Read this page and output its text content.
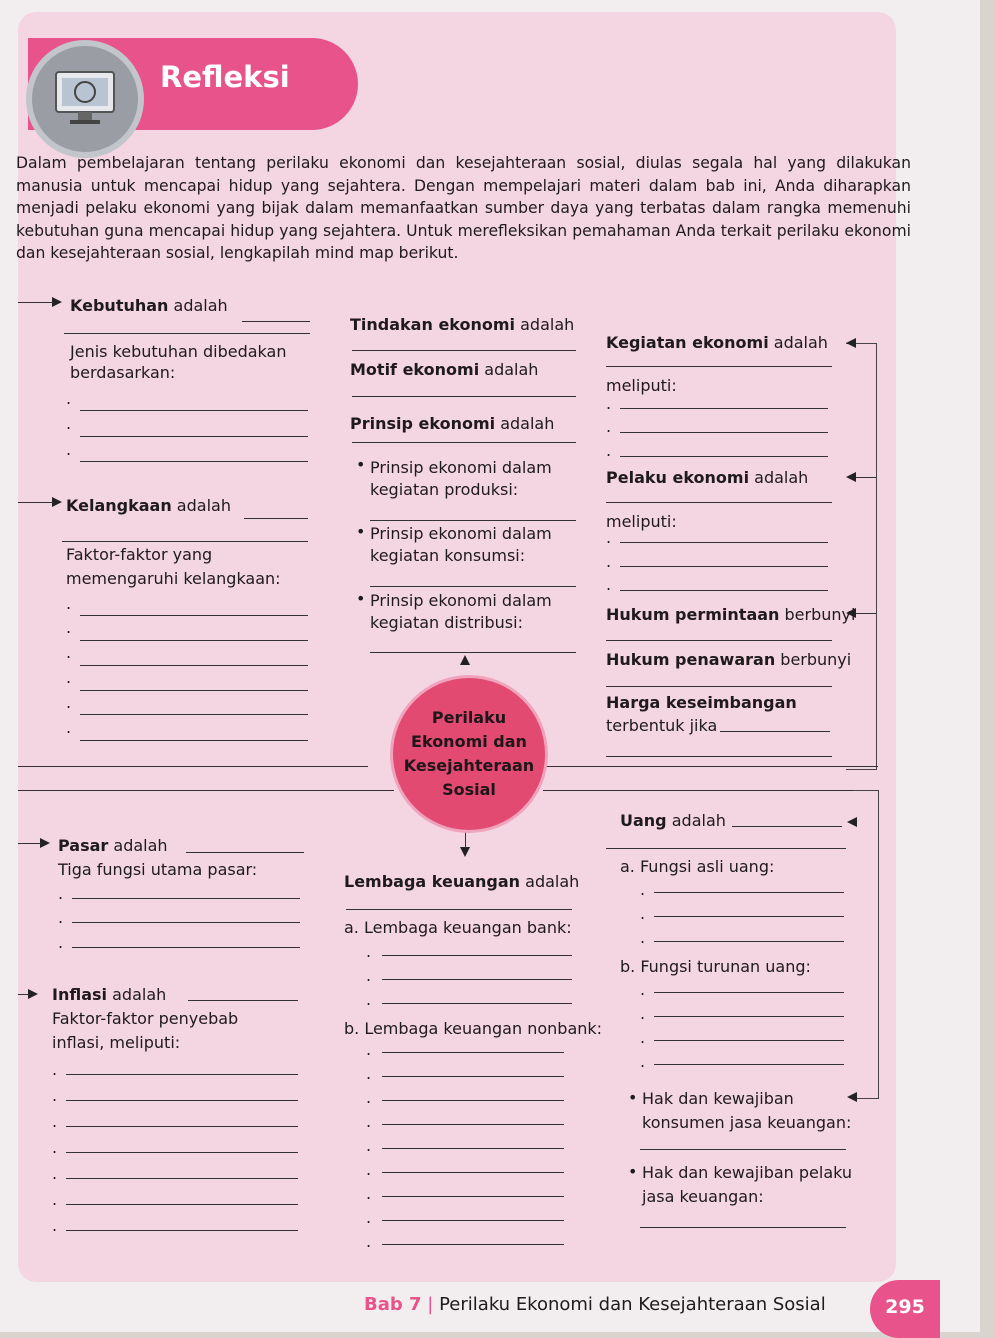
Refleksi
Dalam pembelajaran tentang perilaku ekonomi dan kesejahteraan sosial, diulas segala hal yang dilakukan manusia untuk mencapai hidup yang sejahtera. Dengan mempelajari materi dalam bab ini, Anda diharapkan menjadi pelaku ekonomi yang bijak dalam memanfaatkan sumber daya yang terbatas dalam rangka memenuhi kebutuhan guna mencapai hidup yang sejahtera. Untuk merefleksikan pemahaman Anda terkait perilaku ekonomi dan kesejahteraan sosial, lengkapilah mind map berikut.
Perilaku
Ekonomi dan
Kesejahteraan
Sosial
Kebutuhan adalah
Jenis kebutuhan dibedakan
berdasarkan:
.
.
.
Kelangkaan adalah
Faktor-faktor yang
memengaruhi kelangkaan:
.
.
.
.
.
.
Tindakan ekonomi adalah
Motif ekonomi adalah
Prinsip ekonomi adalah
• Prinsip ekonomi dalam
kegiatan produksi:
• Prinsip ekonomi dalam
kegiatan konsumsi:
• Prinsip ekonomi dalam
kegiatan distribusi:
Kegiatan ekonomi adalah
meliputi:
.
.
.
Pelaku ekonomi adalah
meliputi:
.
.
.
Hukum permintaan berbunyi
Hukum penawaran berbunyi
Harga keseimbangan
terbentuk jika
Pasar adalah
Tiga fungsi utama pasar:
.
.
.
Inflasi adalah
Faktor-faktor penyebab
inflasi, meliputi:
.
.
.
.
.
.
.
Lembaga keuangan adalah
a. Lembaga keuangan bank:
.
.
.
b. Lembaga keuangan nonbank:
.
.
.
.
.
.
.
.
.
Uang adalah
a. Fungsi asli uang:
.
.
.
b. Fungsi turunan uang:
.
.
.
.
• Hak dan kewajiban
konsumen jasa keuangan:
• Hak dan kewajiban pelaku
jasa keuangan:
Bab 7 | Perilaku Ekonomi dan Kesejahteraan Sosial	295
